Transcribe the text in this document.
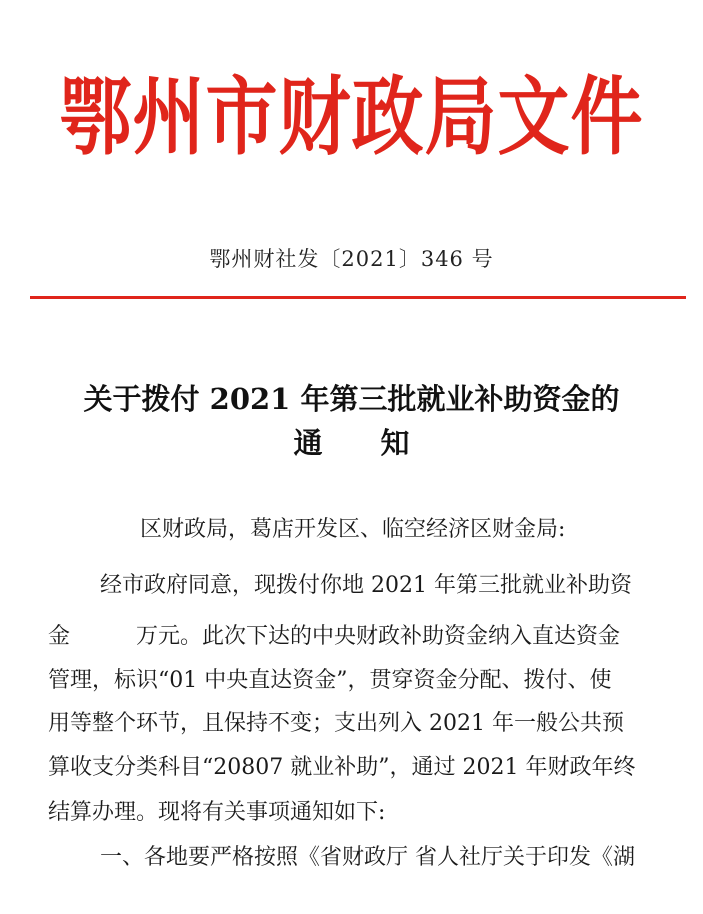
鄂州市财政局文件
鄂州财社发〔2021〕346 号
关于拨付 2021 年第三批就业补助资金的
通　　知
区财政局，葛店开发区、临空经济区财金局:
经市政府同意，现拨付你地 2021 年第三批就业补助资
金　　　万元。此次下达的中央财政补助资金纳入直达资金
管理，标识“01 中央直达资金”，贯穿资金分配、拨付、使
用等整个环节，且保持不变；支出列入 2021 年一般公共预
算收支分类科目“20807 就业补助”，通过 2021 年财政年终
结算办理。现将有关事项通知如下:
一、各地要严格按照《省财政厅 省人社厅关于印发《湖
